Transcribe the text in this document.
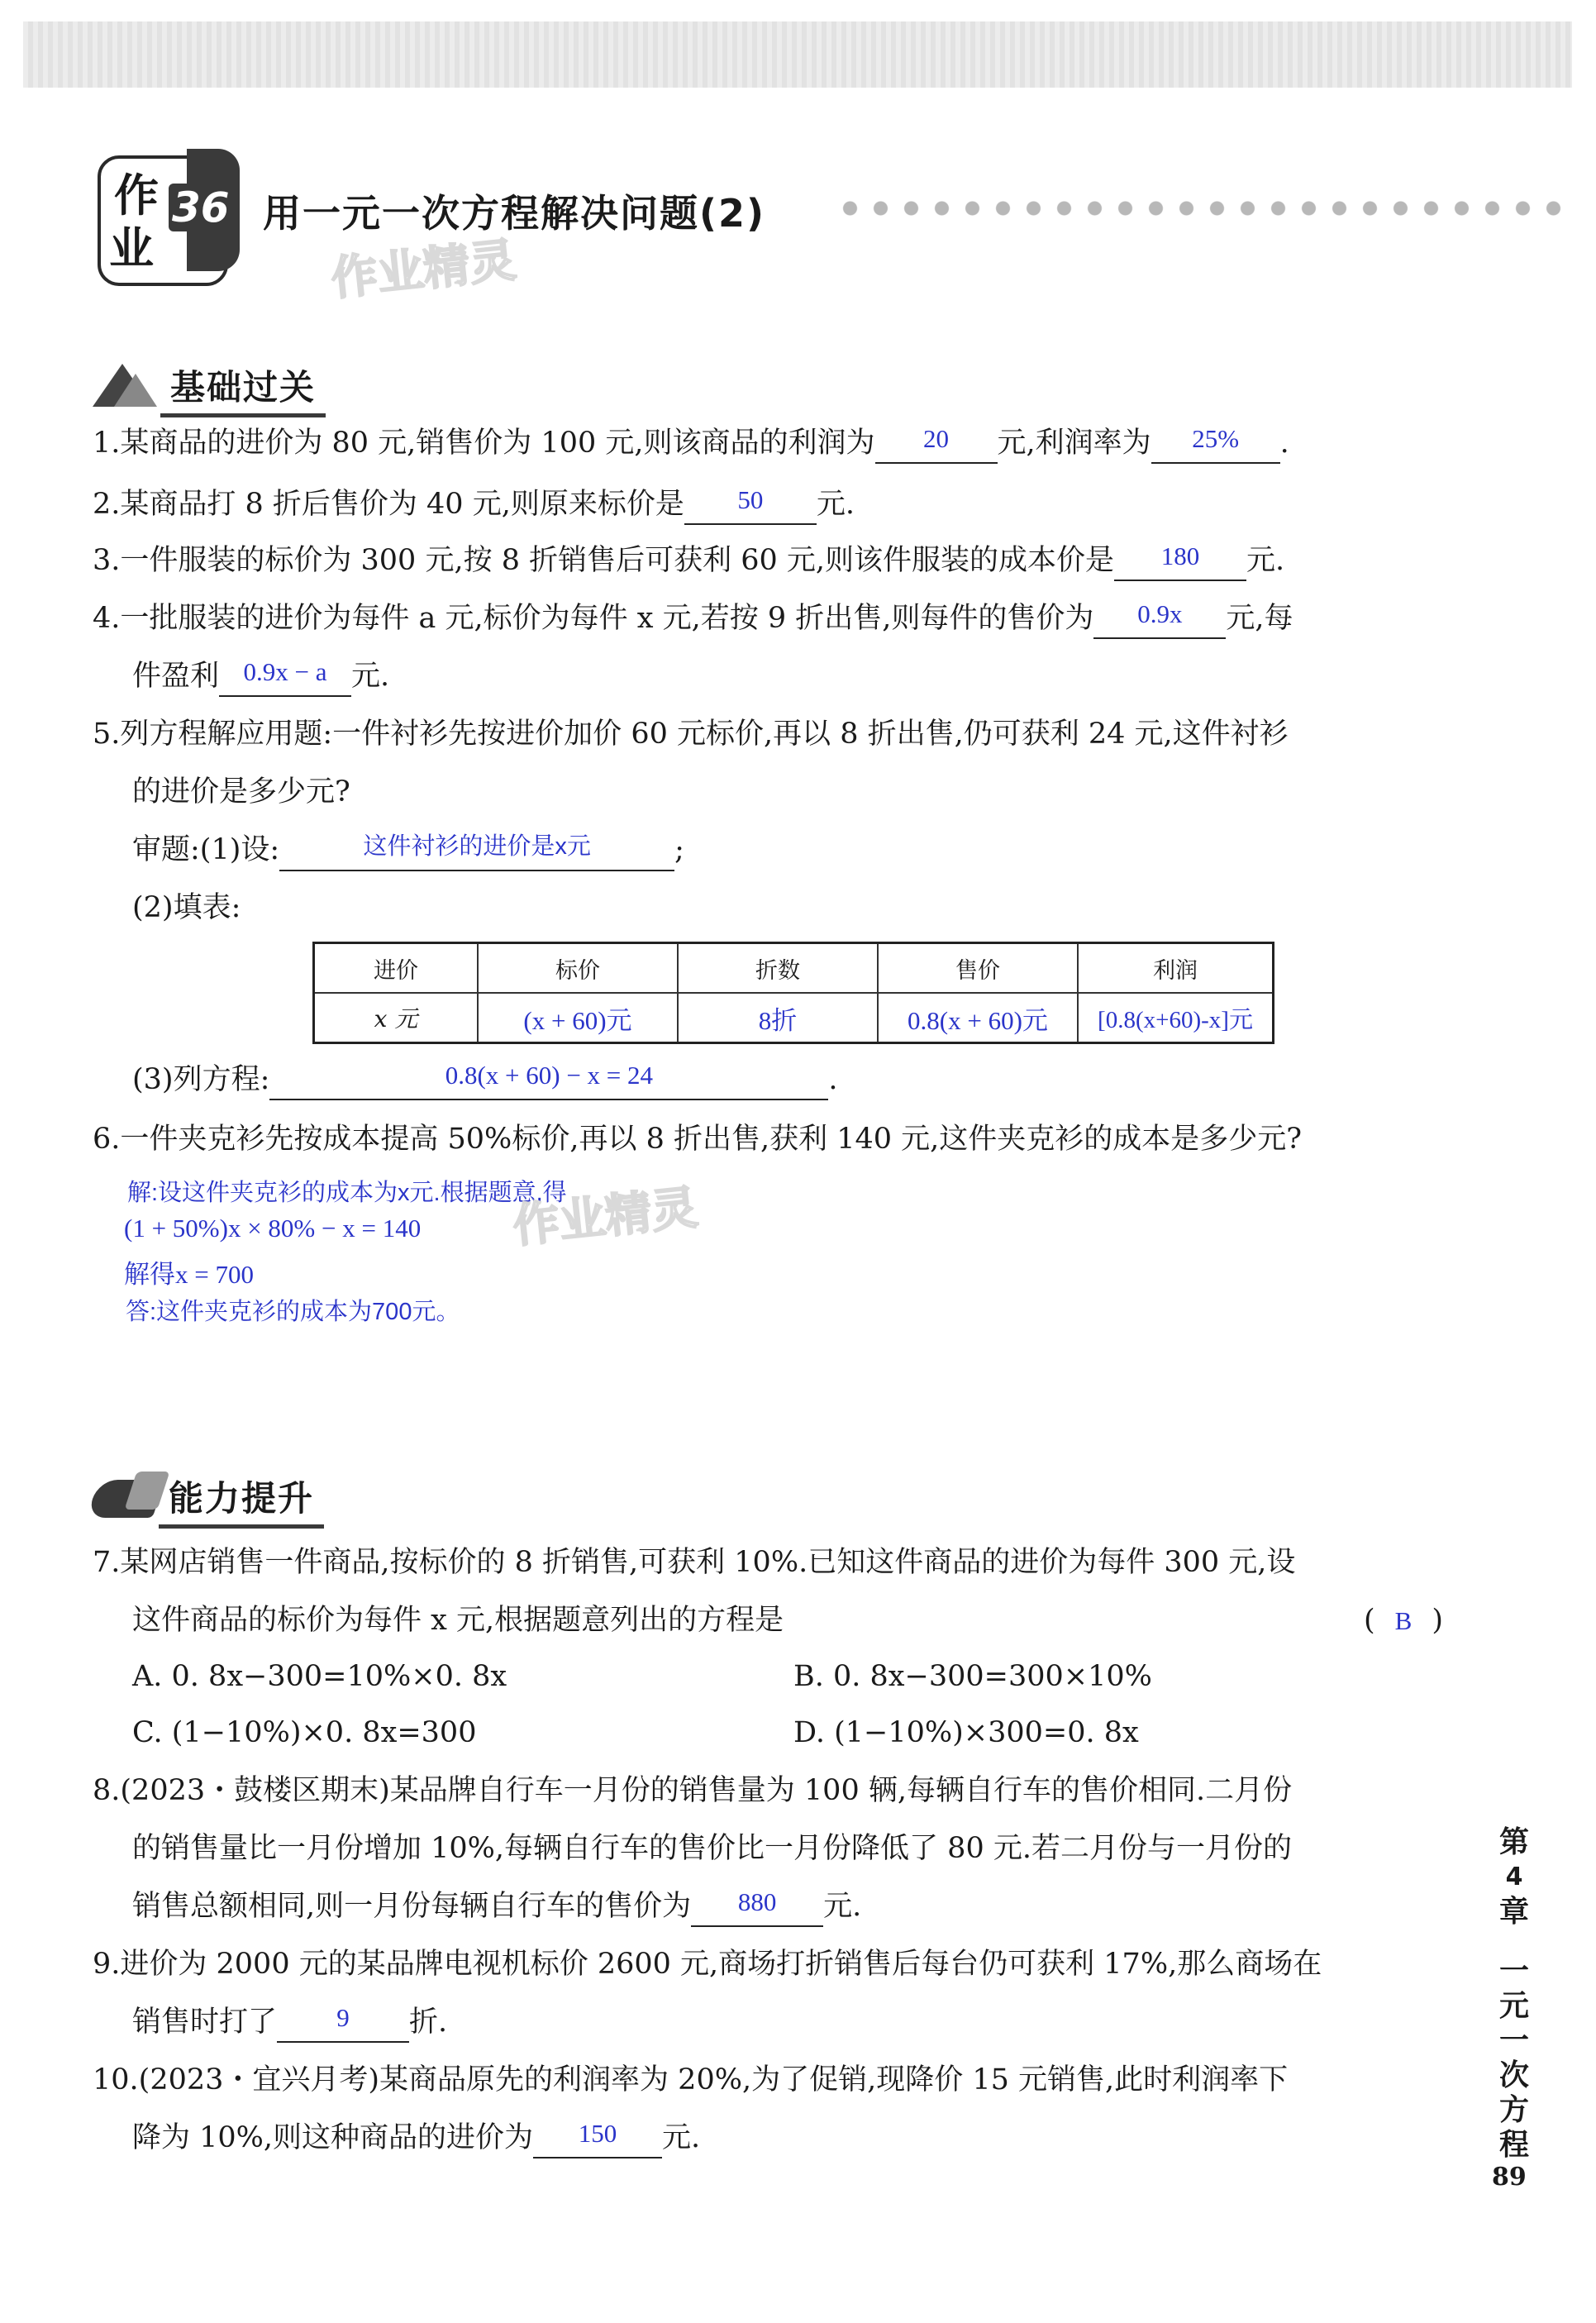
作
业
36 用一元一次方程解决问题(2)
作业精灵
基础过关
1.某商品的进价为 80 元,销售价为 100 元,则该商品的利润为 20 元,利润率为 25% .
2.某商品打 8 折后售价为 40 元,则原来标价是 50 元.
3.一件服装的标价为 300 元,按 8 折销售后可获利 60 元,则该件服装的成本价是 180 元.
4.一批服装的进价为每件 a 元,标价为每件 x 元,若按 9 折出售,则每件的售价为 0.9x 元,每
件盈利 0.9x − a 元.
5.列方程解应用题:一件衬衫先按进价加价 60 元标价,再以 8 折出售,仍可获利 24 元,这件衬衫
的进价是多少元?
审题:(1)设:	这件衬衫的进价是x元	;
(2)填表:
进价	标价	折数	售价	利润
x 元	(x + 60)元	8折	0.8(x + 60)元	[0.8(x+60)-x]元
(3)列方程:	0.8(x + 60) − x = 24	.
6.一件夹克衫先按成本提高 50%标价,再以 8 折出售,获利 140 元,这件夹克衫的成本是多少元?
解:设这件夹克衫的成本为x元.根据题意,得
(1 + 50%)x × 80% − x = 140
解得x = 700
答:这件夹克衫的成本为700元。
作业精灵
能力提升
7.某网店销售一件商品,按标价的 8 折销售,可获利 10%.已知这件商品的进价为每件 300 元,设
这件商品的标价为每件 x 元,根据题意列出的方程是	( B )
A. 0. 8x−300=10%×0. 8x	B. 0. 8x−300=300×10%
C. (1−10%)×0. 8x=300	D. (1−10%)×300=0. 8x
8.(2023・鼓楼区期末)某品牌自行车一月份的销售量为 100 辆,每辆自行车的售价相同.二月份
的销售量比一月份增加 10%,每辆自行车的售价比一月份降低了 80 元.若二月份与一月份的
销售总额相同,则一月份每辆自行车的售价为 880 元.
9.进价为 2000 元的某品牌电视机标价 2600 元,商场打折销售后每台仍可获利 17%,那么商场在
销售时打了 9 折.
10.(2023・宜兴月考)某商品原先的利润率为 20%,为了促销,现降价 15 元销售,此时利润率下
降为 10%,则这种商品的进价为 150 元.
第
4
章
一
元
一
次
方
程
89
